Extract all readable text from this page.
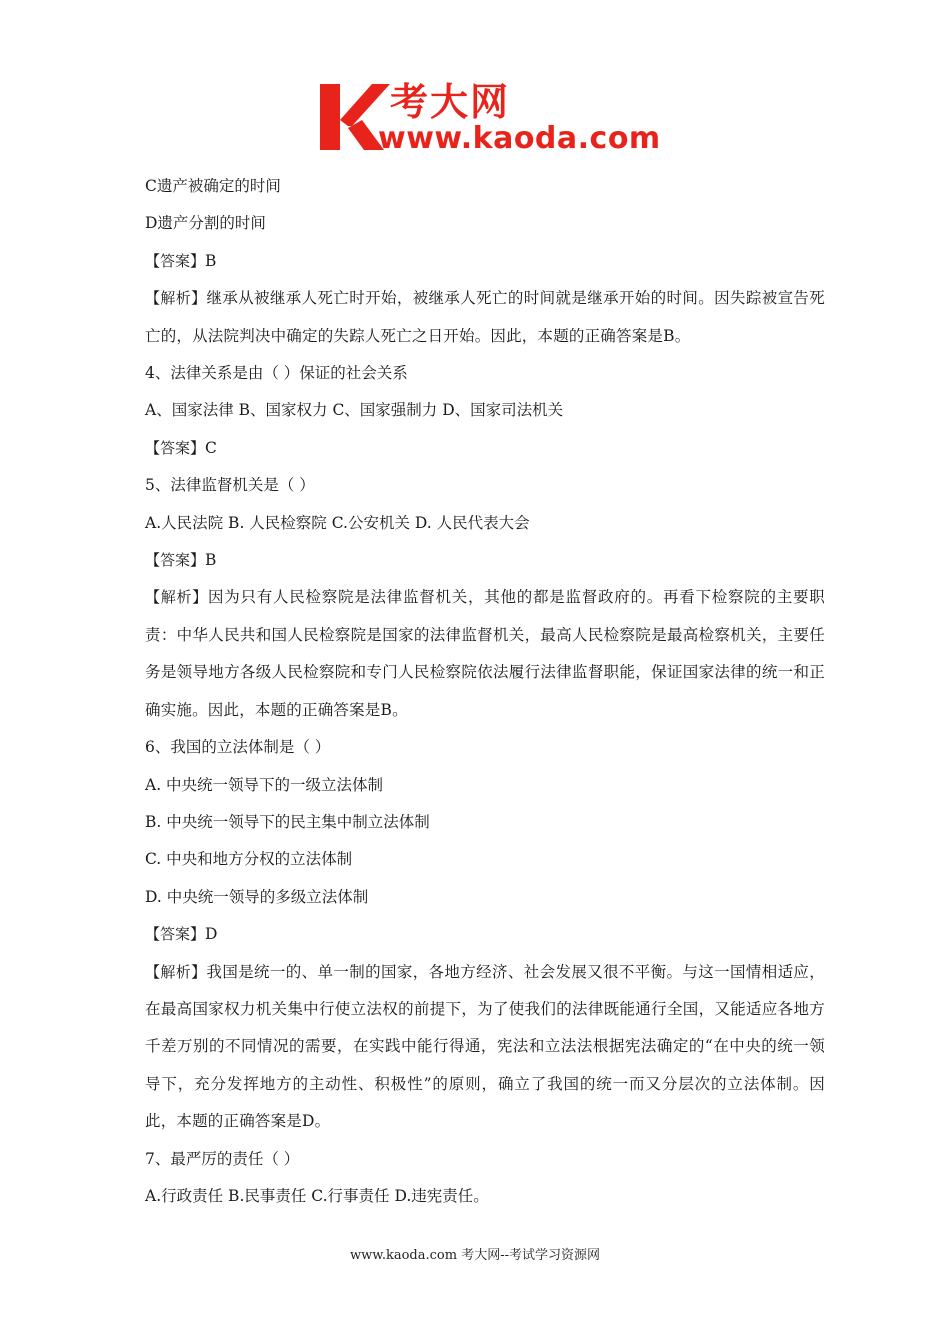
考大网
www.kaoda.com

C遗产被确定的时间

D遗产分割的时间

【答案】B

【解析】继承从被继承人死亡时开始，被继承人死亡的时间就是继承开始的时间。因失踪被宣告死亡的，从法院判决中确定的失踪人死亡之日开始。因此，本题的正确答案是B。

4、法律关系是由（ ）保证的社会关系

A、国家法律 B、国家权力 C、国家强制力 D、国家司法机关

【答案】C

5、法律监督机关是（ ）

A.人民法院 B. 人民检察院 C.公安机关 D. 人民代表大会

【答案】B

【解析】因为只有人民检察院是法律监督机关，其他的都是监督政府的。再看下检察院的主要职责：中华人民共和国人民检察院是国家的法律监督机关，最高人民检察院是最高检察机关，主要任务是领导地方各级人民检察院和专门人民检察院依法履行法律监督职能，保证国家法律的统一和正确实施。因此，本题的正确答案是B。

6、我国的立法体制是（ ）

A. 中央统一领导下的一级立法体制

B. 中央统一领导下的民主集中制立法体制

C. 中央和地方分权的立法体制

D. 中央统一领导的多级立法体制

【答案】D

【解析】我国是统一的、单一制的国家，各地方经济、社会发展又很不平衡。与这一国情相适应，在最高国家权力机关集中行使立法权的前提下，为了使我们的法律既能通行全国，又能适应各地方千差万别的不同情况的需要，在实践中能行得通，宪法和立法法根据宪法确定的“在中央的统一领导下，充分发挥地方的主动性、积极性”的原则，确立了我国的统一而又分层次的立法体制。因此，本题的正确答案是D。

7、最严厉的责任（ ）

A.行政责任 B.民事责任 C.行事责任 D.违宪责任。

www.kaoda.com 考大网--考试学习资源网
